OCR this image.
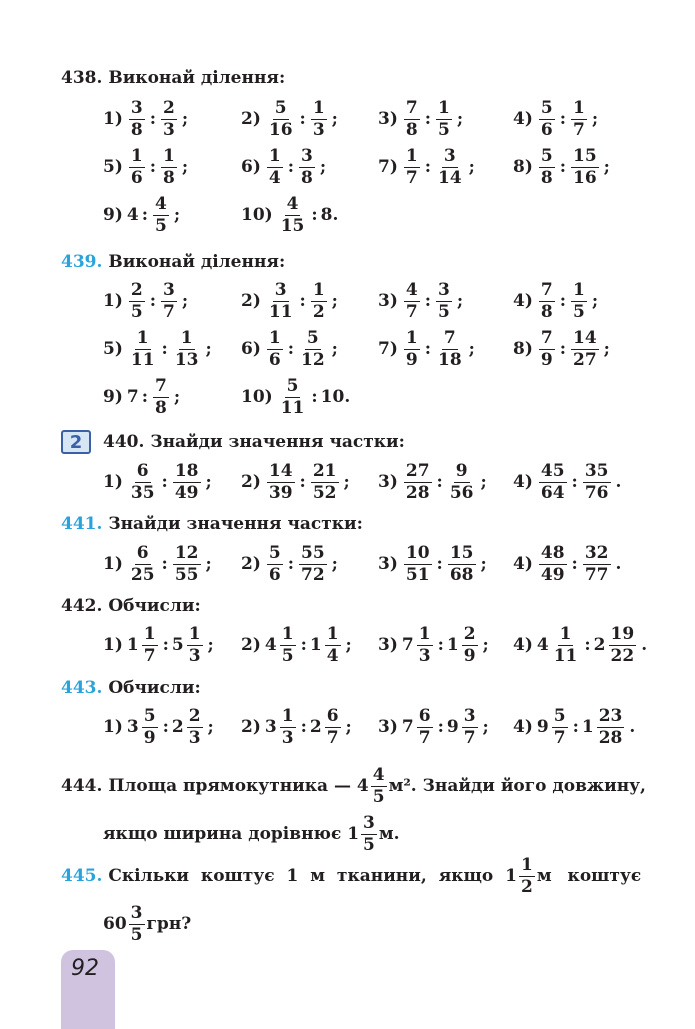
438. Виконай ділення:
$1) \frac{3}{8}$ : $\frac{2}{3}$ ;	$2) \frac{5}{16}$ : $\frac{1}{3}$ ; $3) \frac{7}{8}$ : $\frac{1}{5}$ ;	$4) \frac{5}{6}$ : $\frac{1}{7}$ ;
$5) \frac{1}{6}$ : $\frac{1}{8}$ ;	$6) \frac{1}{4}$ : $\frac{3}{8}$ ;	$7) \frac{1}{7}$ : $\frac{3}{14}$ ; $8) \frac{5}{8}$ : $\frac{15}{16}$ ;
9) 4 : $\frac{4}{5}$ ;	$10) \frac{4}{15}$ : 8.
439. Виконай ділення:
$1) \frac{2}{5}$ : $\frac{3}{7}$ ;	$2) \frac{3}{11}$ : $\frac{1}{2}$ ; $3) \frac{4}{7}$ : $\frac{3}{5}$ ;	$4) \frac{7}{8}$ : $\frac{1}{5}$ ;
$5) \frac{1}{11}$ : $\frac{1}{13}$ ; $6) \frac{1}{6}$ : $\frac{5}{12}$ ; $7) \frac{1}{9}$ : $\frac{7}{18}$ ; $8) \frac{7}{9}$ : $\frac{14}{27}$ ;
9) 7 : $\frac{7}{8}$ ;	$10) \frac{5}{11}$ : 10.
2	440. Знайди значення частки:
$1) \frac{6}{35}$ : $\frac{18}{49}$ ; $2) \frac{14}{39}$ : $\frac{21}{52}$ ; $3) \frac{27}{28}$ : $\frac{9}{56}$ ; $4) \frac{45}{64}$ : $\frac{35}{76}$ .
441. Знайди значення частки:
$1) \frac{6}{25}$ : $\frac{12}{55}$ ; $2) \frac{5}{6}$ : $\frac{55}{72}$ ; $3) \frac{10}{51}$ : $\frac{15}{68}$ ; $4) \frac{48}{49}$ : $\frac{32}{77}$ .
442. Обчисли:
1) $1 \frac{1}{7}$ : $5 \frac{1}{3}$ ; 2) $4 \frac{1}{5}$ : $1 \frac{1}{4}$ ; 3) $7 \frac{1}{3}$ : $1 \frac{2}{9}$ ; 4) $4 \frac{1}{11}$ : $2 \frac{19}{22}$ .
443. Обчисли:
1) $3 \frac{5}{9}$ : $2 \frac{2}{3}$ ; 2) $3 \frac{1}{3}$ : $2 \frac{6}{7}$ ; 3) $7 \frac{6}{7}$ : $9 \frac{3}{7}$ ; 4) $9 \frac{5}{7}$ : $1 \frac{23}{28}$ .
444.
Площа прямокутника — $4 \frac{4}{5} м^2$. Знайди його довжину,
якщо ширина дорівнює $1 \frac{3}{5} м$.
445.
Скільки коштує 1 м тканини, якщо $1 \frac{1}{2}$ м коштує
$60 \frac{3}{5}$ грн?
92
